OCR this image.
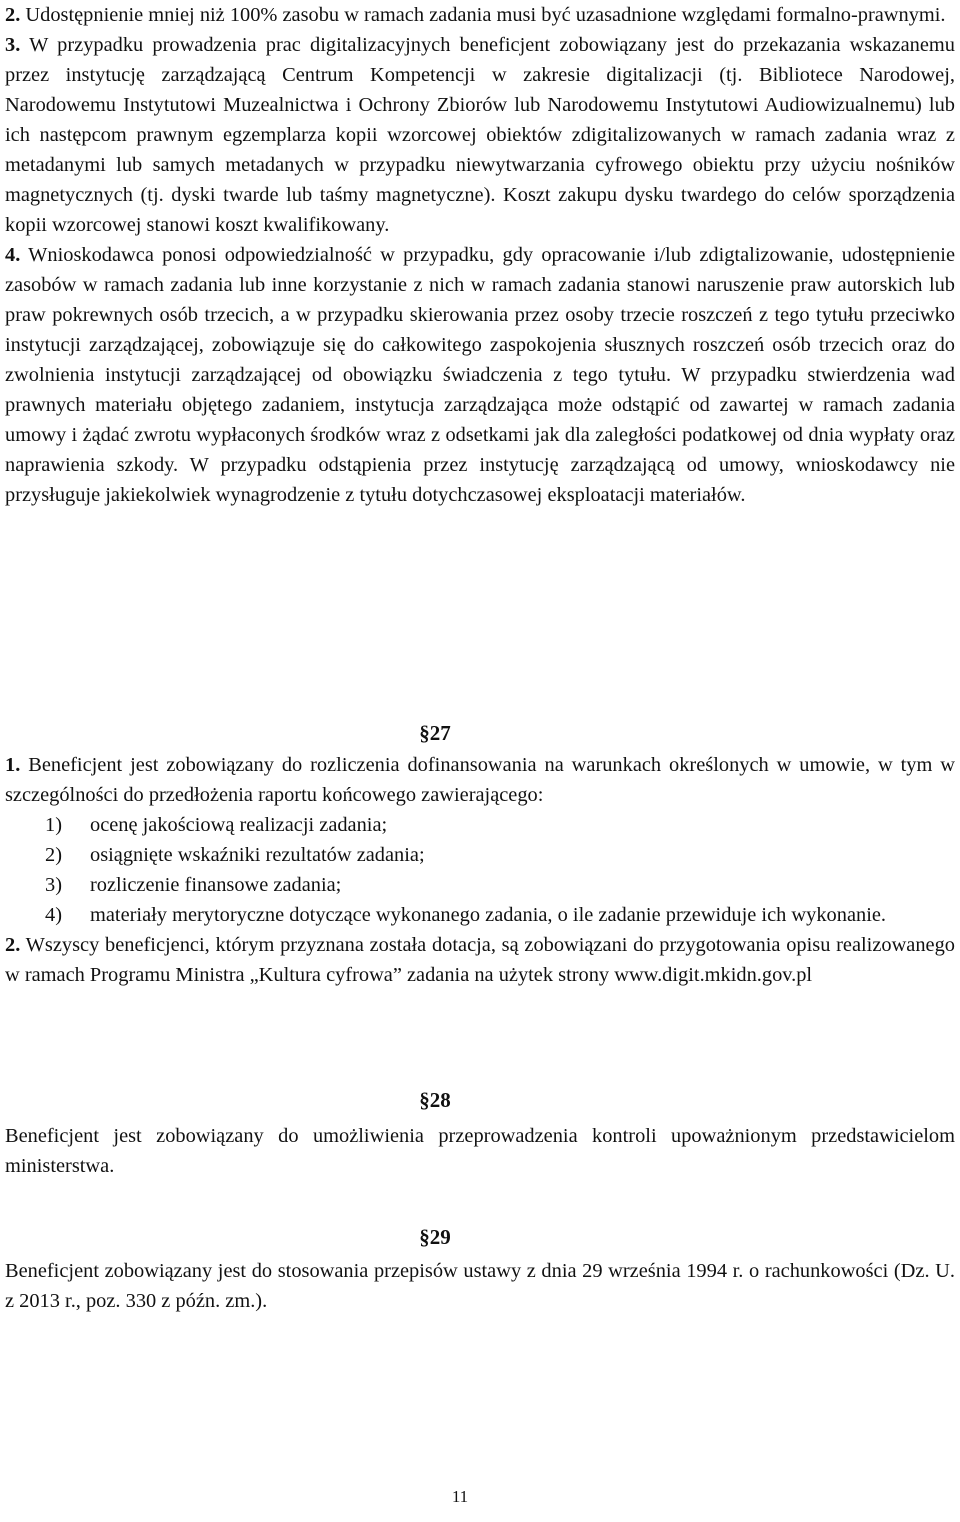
2. Udostępnienie mniej niż 100% zasobu w ramach zadania musi być uzasadnione względami formalno-prawnymi.

3. W przypadku prowadzenia prac digitalizacyjnych beneficjent zobowiązany jest do przekazania wskazanemu przez instytucję zarządzającą Centrum Kompetencji w zakresie digitalizacji (tj. Bibliotece Narodowej, Narodowemu Instytutowi Muzealnictwa i Ochrony Zbiorów lub Narodowemu Instytutowi Audiowizualnemu) lub ich następcom prawnym egzemplarza kopii wzorcowej obiektów zdigitalizowanych w ramach zadania wraz z metadanymi lub samych metadanych w przypadku niewytwarzania cyfrowego obiektu przy użyciu nośników magnetycznych (tj. dyski twarde lub taśmy magnetyczne). Koszt zakupu dysku twardego do celów sporządzenia kopii wzorcowej stanowi koszt kwalifikowany.

4. Wnioskodawca ponosi odpowiedzialność w przypadku, gdy opracowanie i/lub zdigtalizowanie, udostępnienie zasobów w ramach zadania lub inne korzystanie z nich w ramach zadania stanowi naruszenie praw autorskich lub praw pokrewnych osób trzecich, a w przypadku skierowania przez osoby trzecie roszczeń z tego tytułu przeciwko instytucji zarządzającej, zobowiązuje się do całkowitego zaspokojenia słusznych roszczeń osób trzecich oraz do zwolnienia instytucji zarządzającej od obowiązku świadczenia z tego tytułu. W przypadku stwierdzenia wad prawnych materiału objętego zadaniem, instytucja zarządzająca może odstąpić od zawartej w ramach zadania umowy i żądać zwrotu wypłaconych środków wraz z odsetkami jak dla zaległości podatkowej od dnia wypłaty oraz naprawienia szkody. W przypadku odstąpienia przez instytucję zarządzającą od umowy, wnioskodawcy nie przysługuje jakiekolwiek wynagrodzenie z tytułu dotychczasowej eksploatacji materiałów.

§27

1. Beneficjent jest zobowiązany do rozliczenia dofinansowania na warunkach określonych w umowie, w tym w szczególności do przedłożenia raportu końcowego zawierającego:

1) ocenę jakościową realizacji zadania;
2) osiągnięte wskaźniki rezultatów zadania;
3) rozliczenie finansowe zadania;
4) materiały merytoryczne dotyczące wykonanego zadania, o ile zadanie przewiduje ich wykonanie.

2. Wszyscy beneficjenci, którym przyznana została dotacja, są zobowiązani do przygotowania opisu realizowanego w ramach Programu Ministra „Kultura cyfrowa” zadania na użytek strony www.digit.mkidn.gov.pl

§28

Beneficjent jest zobowiązany do umożliwienia przeprowadzenia kontroli upoważnionym przedstawicielom ministerstwa.

§29

Beneficjent zobowiązany jest do stosowania przepisów ustawy z dnia 29 września 1994 r. o rachunkowości (Dz. U. z 2013 r., poz. 330 z późn. zm.).

11
